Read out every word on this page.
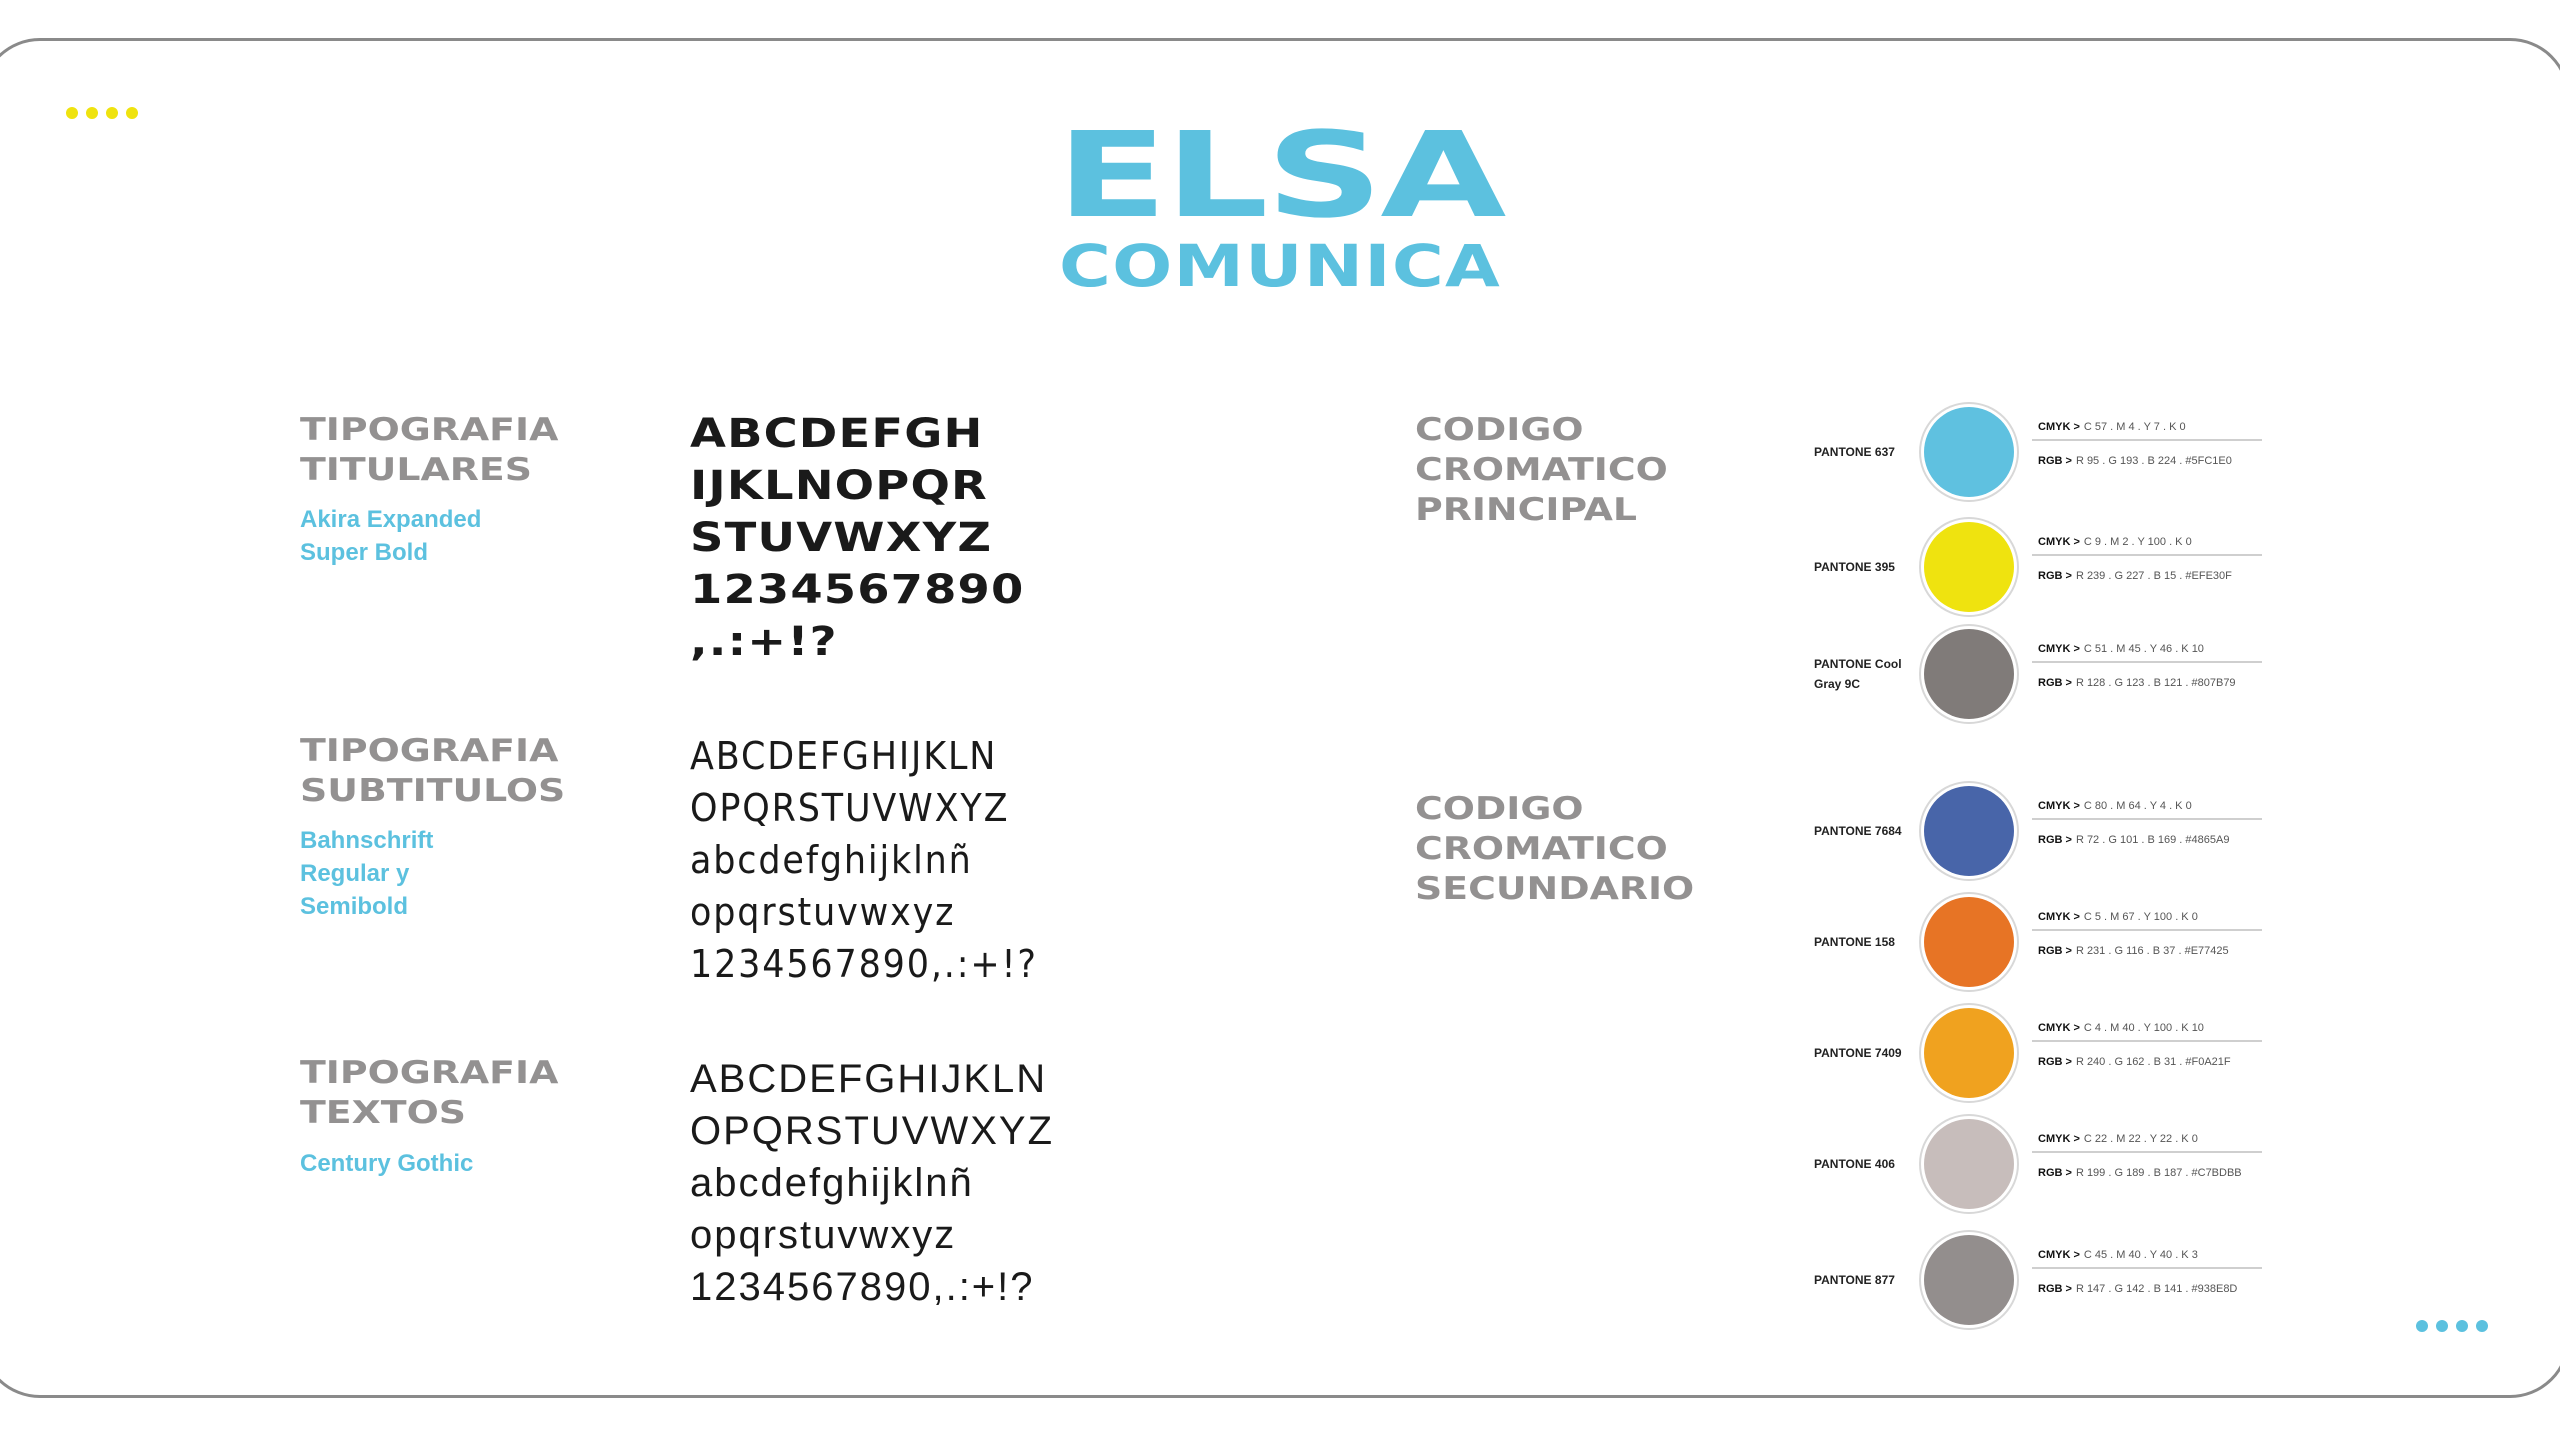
ELSA
COMUNICA
TIPOGRAFIA
TITULARES
Akira Expanded
Super Bold
ABCDEFGH
IJKLNOPQR
STUVWXYZ
1234567890
,.:+!?
TIPOGRAFIA
SUBTITULOS
Bahnschrift
Regular y
Semibold
ABCDEFGHIJKLN
OPQRSTUVWXYZ
abcdefghijklnñ
opqrstuvwxyz
1234567890,.:+!?
TIPOGRAFIA
TEXTOS
Century Gothic
ABCDEFGHIJKLN
OPQRSTUVWXYZ
abcdefghijklnñ
opqrstuvwxyz
1234567890,.:+!?
CODIGO
CROMATICO
PRINCIPAL
CODIGO
CROMATICO
SECUNDARIO
PANTONE 637
CMYK > C 57 . M 4 . Y 7 . K 0
RGB > R 95 . G 193 . B 224 . #5FC1E0
PANTONE 395
CMYK > C 9 . M 2 . Y 100 . K 0
RGB > R 239 . G 227 . B 15 . #EFE30F
PANTONE Cool
Gray 9C
CMYK > C 51 . M 45 . Y 46 . K 10
RGB > R 128 . G 123 . B 121 . #807B79
PANTONE 7684
CMYK > C 80 . M 64 . Y 4 . K 0
RGB > R 72 . G 101 . B 169 . #4865A9
PANTONE 158
CMYK > C 5 . M 67 . Y 100 . K 0
RGB > R 231 . G 116 . B 37 . #E77425
PANTONE 7409
CMYK > C 4 . M 40 . Y 100 . K 10
RGB > R 240 . G 162 . B 31 . #F0A21F
PANTONE 406
CMYK > C 22 . M 22 . Y 22 . K 0
RGB > R 199 . G 189 . B 187 . #C7BDBB
PANTONE 877
CMYK > C 45 . M 40 . Y 40 . K 3
RGB > R 147 . G 142 . B 141 . #938E8D
